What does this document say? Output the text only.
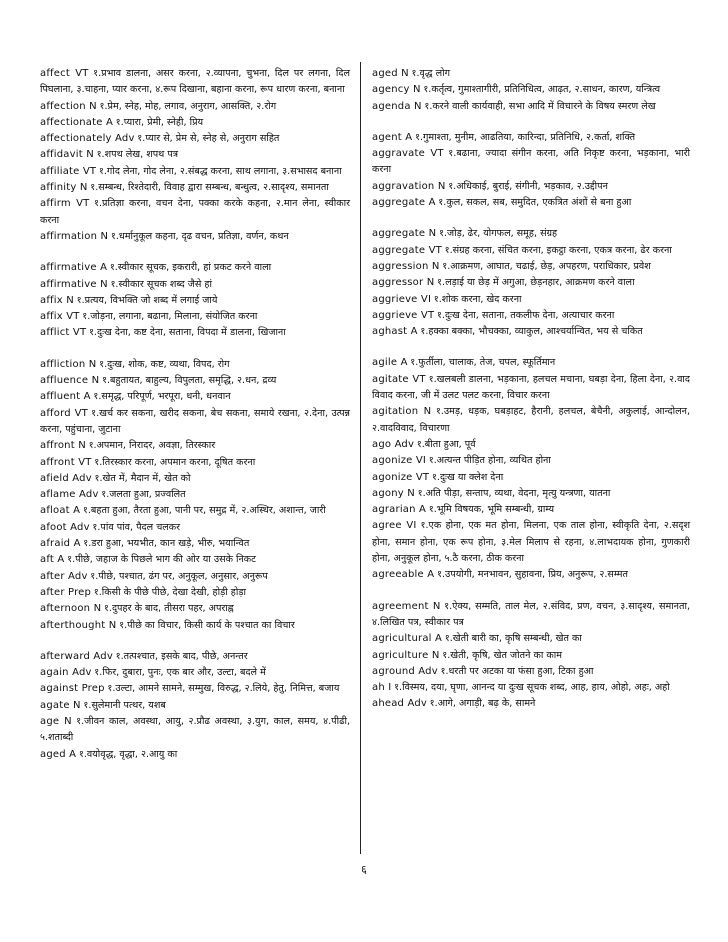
affect VT १.प्रभाव डालना, असर करना, २.व्यापना, चुभना, दिल पर लगना, दिल पिघलाना, ३.चाहना, प्यार करना, ४.रूप दिखाना, बहाना करना, रूप धारण करना, बनाना
affection N १.प्रेम, स्नेह, मोह, लगाव, अनुराग, आसक्ति, २.रोग
affectionate A १.प्यारा, प्रेमी, स्नेही, प्रिय
affectionately Adv १.प्यार से, प्रेम से, स्नेह से, अनुराग सहित
affidavit N १.शपथ लेख, शपथ पत्र
affiliate VT १.गोद लेना, गोद लेना, २.संबद्ध करना, साथ लगाना, ३.सभासद बनाना
affinity N १.सम्बन्ध, रिश्तेदारी, विवाह द्वारा सम्बन्ध, बन्धुत्व, २.सादृश्य, समानता
affirm VT १.प्रतिज्ञा करना, वचन देना, पक्का करके कहना, २.मान लेना, स्वीकार करना
affirmation N १.धर्मानुकूल कहना, दृढ वचन, प्रतिज्ञा, वर्णन, कथन
affirmative A १.स्वीकार सूचक, इकरारी, हां प्रकट करने वाला
affirmative N १.स्वीकार सूचक शब्द जैसे हां
affix N १.प्रत्यय, विभक्ति जो शब्द में लगाई जाये
affix VT १.जोड़ना, लगाना, बढाना, मिलाना, संयोजित करना
afflict VT १.दुःख देना, कष्ट देना, सताना, विपदा में डालना, खिजाना
affliction N १.दुःख, शोक, कष्ट, व्यथा, विपद, रोग
affluence N १.बहुतायत, बाहुल्य, विपुलता, समृद्धि, २.धन, द्रव्य
affluent A १.समृद्ध, परिपूर्ण, भरपूरा, धनी, धनवान
afford VT १.खर्च कर सकना, खरीद सकना, बेच सकना, समाये रखना, २.देना, उत्पन्न करना, पहुंचाना, जुटाना
affront N १.अपमान, निरादर, अवज्ञा, तिरस्कार
affront VT १.तिरस्कार करना, अपमान करना, दूषित करना
afield Adv १.खेत में, मैदान में, खेत को
aflame Adv १.जलता हुआ, प्रज्वलित
afloat A १.बहता हुआ, तैरता हुआ, पानी पर, समुद्र में, २.अस्थिर, अशान्त, जारी
afoot Adv १.पांव पांव, पैदल चलकर
afraid A १.डरा हुआ, भयभीत, कान खड़े, भीरु, भयान्वित
aft A १.पीछे, जहाज के पिछले भाग की ओर या उसके निकट
after Adv १.पीछे, पश्चात, ढंग पर, अनुकूल, अनुसार, अनुरूप
after Prep १.किसी के पीछे पीछे, देखा देखी, होड़ी होड़ा
afternoon N १.दुपहर के बाद, तीसरा पहर, अपराह्न
afterthought N १.पीछे का विचार, किसी कार्य के पश्चात का विचार
afterward Adv १.तत्पश्चात, इसके बाद, पीछे, अनन्तर
again Adv १.फिर, दुबारा, पुनः, एक बार और, उल्टा, बदले में
against Prep १.उल्टा, आमने सामने, सम्मुख, विरुद्ध, २.लिये, हेतु, निमित्त, बजाय
agate N १.सुलेमानी पत्थर, यशब
age N १.जीवन काल, अवस्था, आयु, २.प्रौढ अवस्था, ३.युग, काल, समय, ४.पीढी, ५.शताब्दी
aged A १.वयोवृद्ध, वृद्धा, २.आयु का
aged N १.वृद्ध लोग
agency N १.कर्तृत्व, गुमाश्तागीरी, प्रतिनिधित्व, आढ़त, २.साधन, कारण, यन्त्रित्व
agenda N १.करने वाली कार्यवाही, सभा आदि में विचारने के विषय स्मरण लेख
agent A १.गुमाश्ता, मुनीम, आढतिया, कारिन्दा, प्रतिनिधि, २.कर्ता, शक्ति
aggravate VT १.बढाना, ज्यादा संगीन करना, अति निकृष्ट करना, भड़काना, भारी करना
aggravation N १.अधिकाई, बुराई, संगीनी, भड़काव, २.उद्दीपन
aggregate A १.कुल, सकल, सब, समुदित, एकत्रित अंशों से बना हुआ
aggregate N १.जोड़, ढेर, योगफल, समूह, संग्रह
aggregate VT १.संग्रह करना, संचित करना, इकट्ठा करना, एकत्र करना, ढेर करना
aggression N १.आक्रमण, आघात, चढाई, छेड़, अपहरण, पराधिकार, प्रवेश
aggressor N १.लड़ाई या छेड़ में अगुआ, छेड़नहार, आक्रमण करने वाला
aggrieve VI १.शोक करना, खेद करना
aggrieve VT १.दुःख देना, सताना, तकलीफ देना, अत्याचार करना
aghast A १.हक्का बक्का, भौचक्का, व्याकुल, आश्चर्यान्वित, भय से चकित
agile A १.फुर्तीला, चालाक, तेज, चपल, स्फूर्तिमान
agitate VT १.खलबली डालना, भड़काना, हलचल मचाना, घबड़ा देना, हिला देना, २.वाद विवाद करना, जी में उलट पलट करना, विचार करना
agitation N १.उमड़, धड़क, घबड़ाहट, हैरानी, हलचल, बेचैनी, अकुलाई, आन्दोलन, २.वादविवाद, विचारणा
ago Adv १.बीता हुआ, पूर्व
agonize VI १.अत्यन्त पीड़ित होना, व्यथित होना
agonize VT १.दुःख या क्लेश देना
agony N १.अति पीड़ा, सन्ताप, व्यथा, वेदना, मृत्यु यन्त्रणा, यातना
agrarian A १.भूमि विषयक, भूमि सम्बन्धी, ग्राम्य
agree VI १.एक होना, एक मत होना, मिलना, एक ताल होना, स्वीकृति देना, २.सदृश होना, समान होना, एक रूप होना, ३.मेल मिलाप से रहना, ४.लाभदायक होना, गुणकारी होना, अनुकूल होना, ५.ठै करना, ठीक करना
agreeable A १.उपयोगी, मनभावन, सुहावना, प्रिय, अनुरूप, २.सम्मत
agreement N १.ऐक्य, सम्मति, ताल मेल, २.संविद, प्रण, वचन, ३.सादृश्य, समानता, ४.लिखित पत्र, स्वीकार पत्र
agricultural A १.खेती बारी का, कृषि सम्बन्धी, खेत का
agriculture N १.खेती, कृषि, खेत जोतने का काम
aground Adv १.धरती पर अटका या फंसा हुआ, टिका हुआ
ah I १.विस्मय, दया, घृणा, आनन्द या दुःख सूचक शब्द, आह, हाय, ओहो, अहः, अहो
ahead Adv १.आगे, अगाड़ी, बढ़ के, सामने
६
